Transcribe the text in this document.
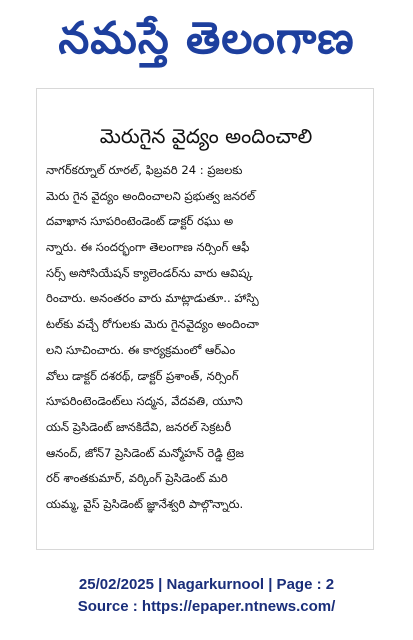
నమస్తే తెలంగాణ
మెరుగైన వైద్యం అందించాలి
నాగర్‌కర్నూల్ రూరల్, ఫిబ్రవరి 24 : ప్రజలకు
మెరు గైన వైద్యం అందించాలని ప్రభుత్వ జనరల్
దవాఖాన సూపరింటెండెంట్ డాక్టర్ రఘు అ
న్నారు. ఈ సందర్భంగా తెలంగాణ నర్సింగ్ ఆఫీ
సర్స్ అసోసియేషన్ క్యాలెండర్‌ను వారు ఆవిష్క
రించారు. అనంతరం వారు మాట్లాడుతూ.. హాస్పి
టల్‌కు వచ్చే రోగులకు మెరు గైనవైద్యం అందించా
లని సూచించారు. ఈ కార్యక్రమంలో ఆర్‌ఎం
వోలు డాక్టర్ దశరథ్, డాక్టర్ ప్రశాంత్, నర్సింగ్
సూపరింటెండెంట్‌లు సద్మన, వేదవతి, యూని
యన్ ప్రెసిడెంట్ జానకిదేవి, జనరల్ సెక్రటరీ
ఆనంద్, జోన్7 ప్రెసిడెంట్ మన్మోహన్ రెడ్డి ట్రెజ
రర్ శాంతకుమార్, వర్కింగ్ ప్రెసిడెంట్ మరి
యమ్మ, వైస్ ప్రెసిడెంట్ జ్ఞానేశ్వరి పాల్గొన్నారు.
25/02/2025 | Nagarkurnool | Page : 2
Source : https://epaper.ntnews.com/
